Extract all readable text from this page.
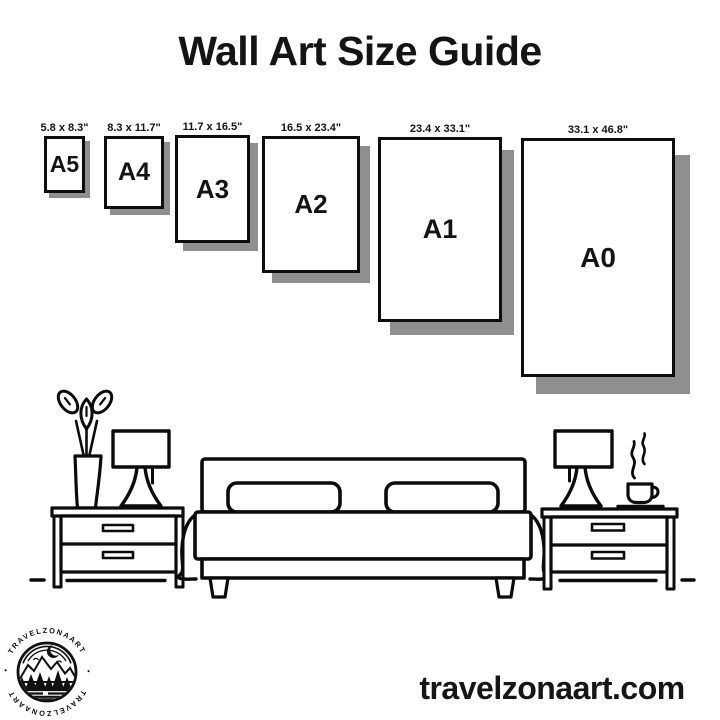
Wall Art Size Guide
5.8 x 8.3"
A5
8.3 x 11.7"
A4
11.7 x 16.5"
A3
16.5 x 23.4"
A2
23.4 x 33.1"
A1
33.1 x 46.8"
A0
TRAVELZONAART
TRAVELZONAART
•
•	travelzonaart.com
